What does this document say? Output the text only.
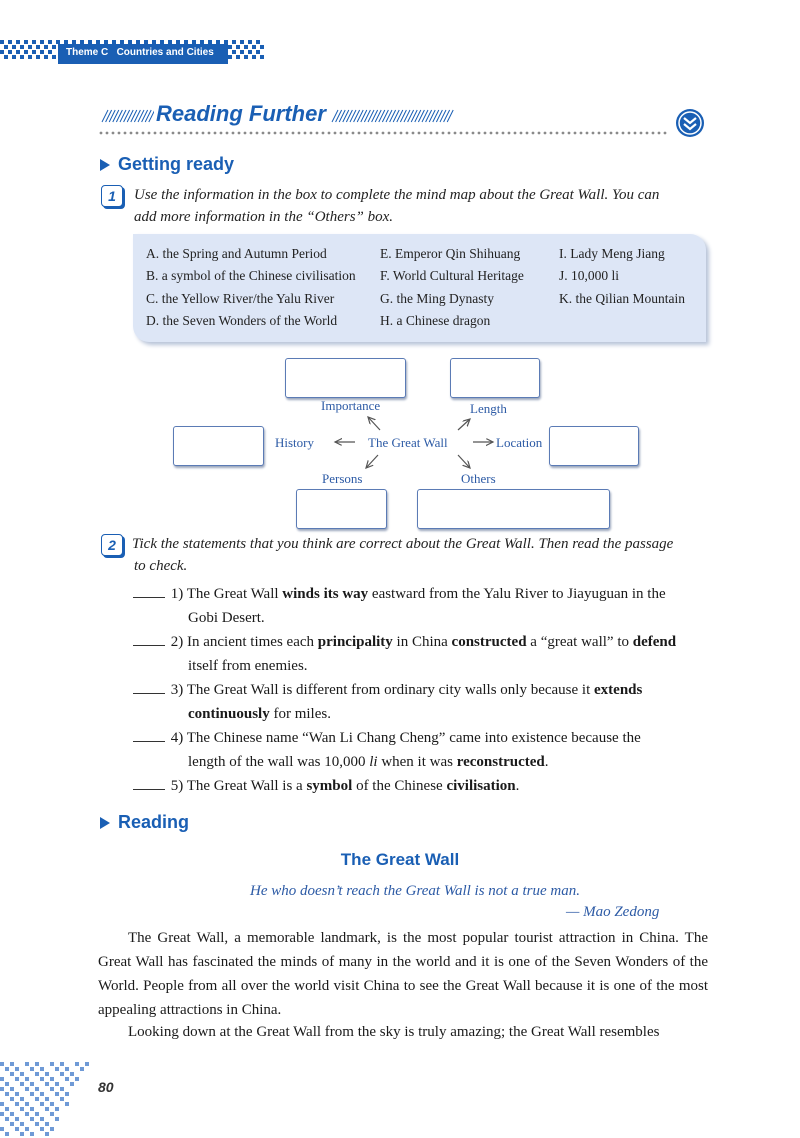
Theme C   Countries and Cities
Reading Further
Getting ready
1	Use the information in the box to complete the mind map about the Great Wall. You can
add more information in the “Others” box.
A. the Spring and Autumn Period
B. a symbol of the Chinese civilisation
C. the Yellow River/the Yalu River
D. the Seven Wonders of the World
E. Emperor Qin Shihuang
F. World Cultural Heritage
G. the Ming Dynasty
H. a Chinese dragon
I. Lady Meng Jiang
J. 10,000 li
K. the Qilian Mountain
Importance	Length
History	The Great Wall	Location
Persons	Others
2	Tick the statements that you think are correct about the Great Wall. Then read the passage
to check.
1) The Great Wall winds its way eastward from the Yalu River to Jiayuguan in the
Gobi Desert.
2) In ancient times each principality in China constructed a “great wall” to defend
itself from enemies.
3) The Great Wall is different from ordinary city walls only because it extends
continuously for miles.
4) The Chinese name “Wan Li Chang Cheng” came into existence because the
length of the wall was 10,000 li when it was reconstructed.
5) The Great Wall is a symbol of the Chinese civilisation.
Reading
The Great Wall
He who doesn’t reach the Great Wall is not a true man.
— Mao Zedong
The Great Wall, a memorable landmark, is the most popular tourist attraction in China. The Great Wall has fascinated the minds of many in the world and it is one of the Seven Wonders of the World. People from all over the world visit China to see the Great Wall because it is one of the most appealing attractions in China.
Looking down at the Great Wall from the sky is truly amazing; the Great Wall resembles
80
